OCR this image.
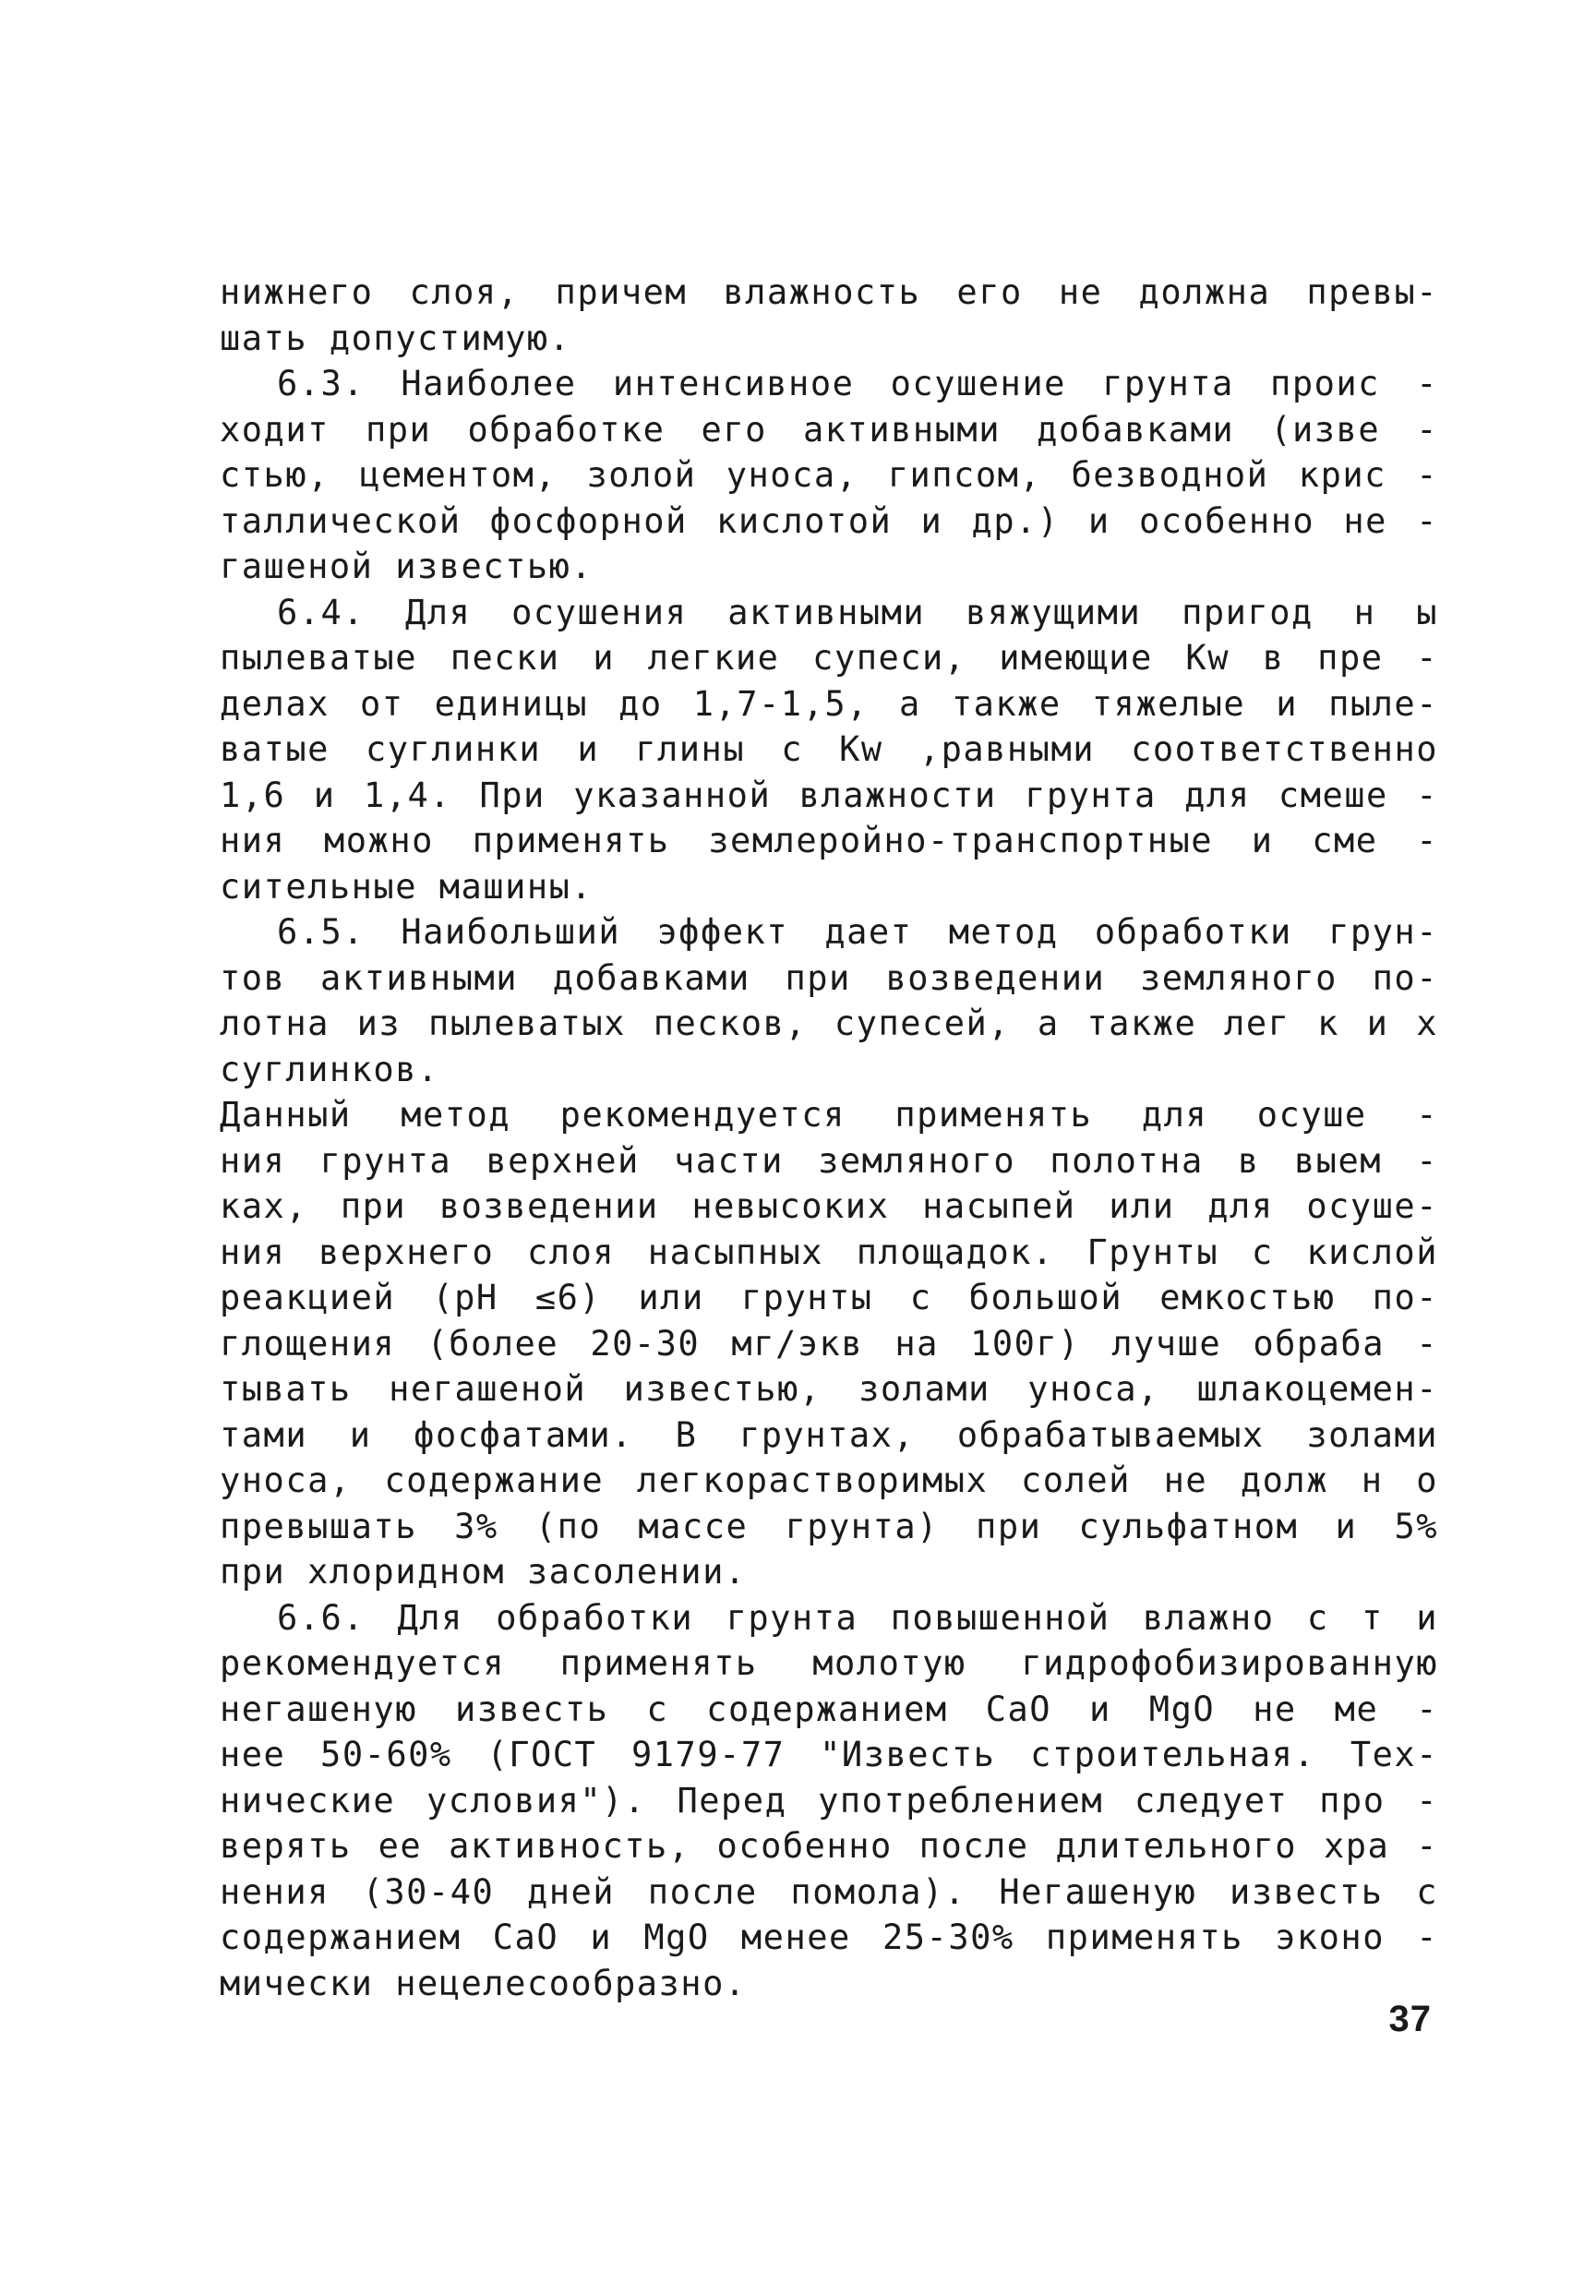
нижнего слоя, причем влажность его не должна превы-
шать допустимую.
6.3. Наиболее интенсивное осушение грунта проис -
ходит при обработке его активными добавками (изве -
стью, цементом, золой уноса, гипсом, безводной крис -
таллической фосфорной кислотой и др.) и особенно не -
гашеной известью.
6.4. Для осушения активными вяжущими пригод н ы
пылеватые пески и легкие супеси, имеющие Kw в пре -
делах от единицы до 1,7-1,5, а также тяжелые и пыле-
ватые суглинки и глины с Kw ,равными соответственно
1,6 и 1,4. При указанной влажности грунта для смеше -
ния можно применять землеройно-транспортные и сме -
сительные машины.
6.5. Наибольший эффект дает метод обработки грун-
тов активными добавками при возведении земляного по-
лотна из пылеватых песков, супесей, а также лег к и х
суглинков.
Данный метод рекомендуется применять для осуше -
ния грунта верхней части земляного полотна в выем -
ках, при возведении невысоких насыпей или для осуше-
ния верхнего слоя насыпных площадок. Грунты с кислой
реакцией (pH ≤6) или грунты с большой емкостью по-
глощения (более 20-30 мг/экв на 100г) лучше обраба -
тывать негашеной известью, золами уноса, шлакоцемен-
тами и фосфатами. В грунтах, обрабатываемых золами
уноса, содержание легкорастворимых солей не долж н о
превышать 3% (по массе грунта) при сульфатном и 5%
при хлоридном засолении.
6.6. Для обработки грунта повышенной влажно с т и
рекомендуется применять молотую гидрофобизированную
негашеную известь с содержанием CaO и MgO не ме -
нее 50-60% (ГОСТ 9179-77 "Известь строительная. Тех-
нические условия"). Перед употреблением следует про -
верять ее активность, особенно после длительного хра -
нения (30-40 дней после помола). Негашеную известь с
содержанием CaO и MgO менее 25-30% применять эконо -
мически нецелесообразно.
37
